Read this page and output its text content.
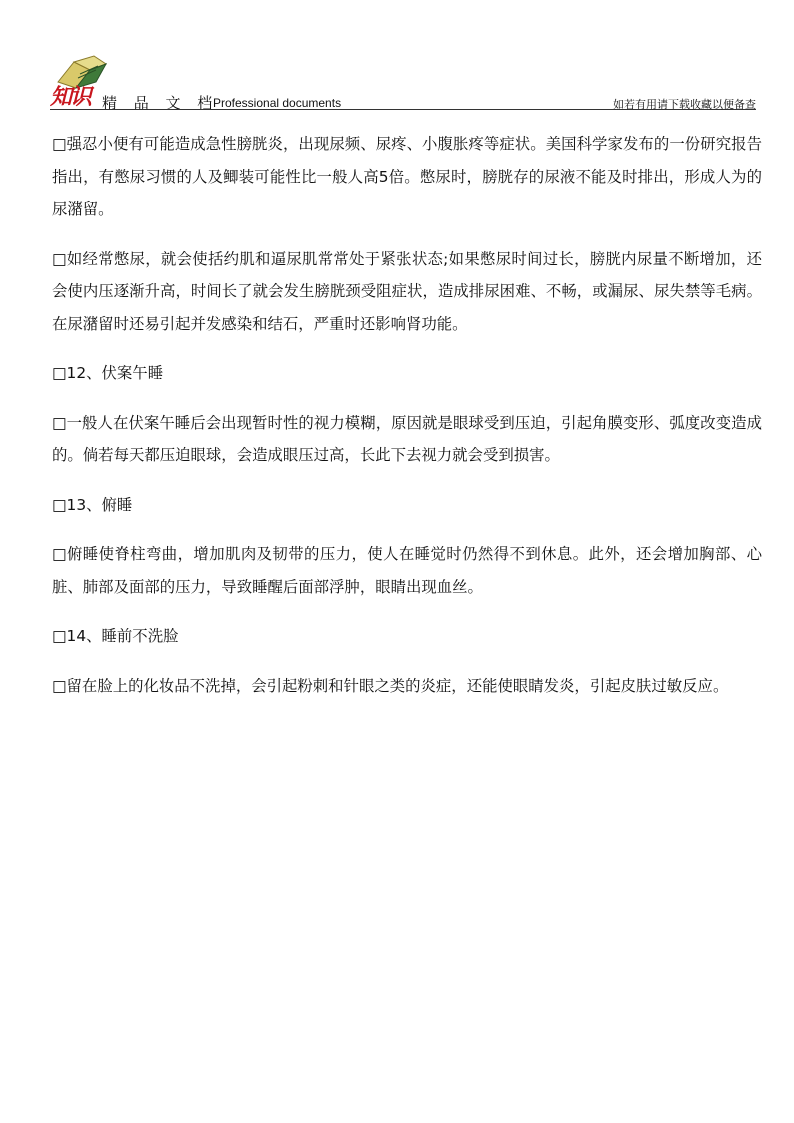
知识 精 品 文 档
Professional documents	如若有用请下载收藏以便备查

□强忍小便有可能造成急性膀胱炎，出现尿频、尿疼、小腹胀疼等症状。美国科学家发布的一份研究报告指出，有憋尿习惯的人及鲫装可能性比一般人高5倍。憋尿时，膀胱存的尿液不能及时排出，形成人为的尿潴留。

□如经常憋尿，就会使括约肌和逼尿肌常常处于紧张状态;如果憋尿时间过长，膀胱内尿量不断增加，还会使内压逐渐升高，时间长了就会发生膀胱颈受阻症状，造成排尿困难、不畅，或漏尿、尿失禁等毛病。在尿潴留时还易引起并发感染和结石，严重时还影响肾功能。

□12、伏案午睡

□一般人在伏案午睡后会出现暂时性的视力模糊，原因就是眼球受到压迫，引起角膜变形、弧度改变造成的。倘若每天都压迫眼球，会造成眼压过高，长此下去视力就会受到损害。

□13、俯睡

□俯睡使脊柱弯曲，增加肌肉及韧带的压力，使人在睡觉时仍然得不到休息。此外，还会增加胸部、心脏、肺部及面部的压力，导致睡醒后面部浮肿，眼睛出现血丝。

□14、睡前不洗脸

□留在脸上的化妆品不洗掉，会引起粉刺和针眼之类的炎症，还能使眼睛发炎，引起皮肤过敏反应。
